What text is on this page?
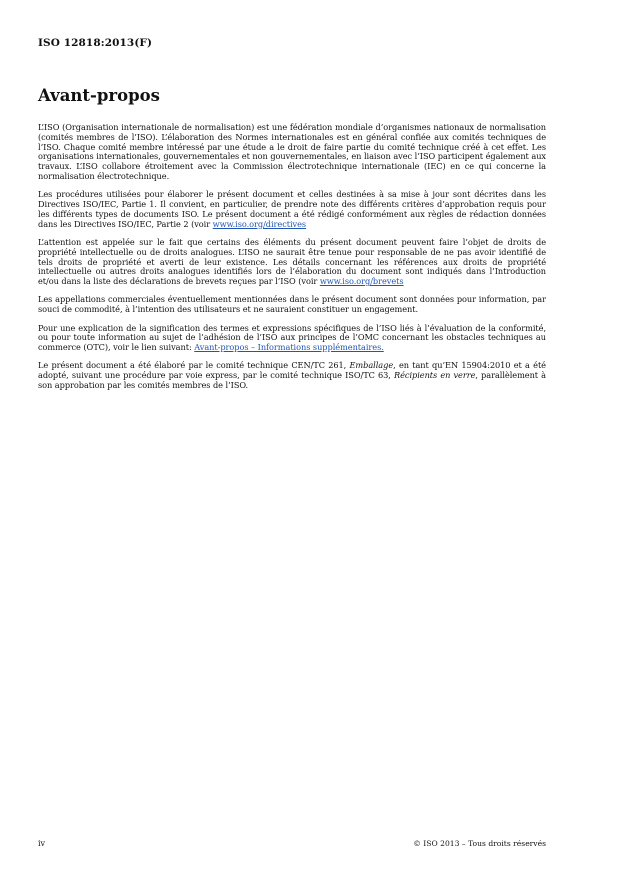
ISO 12818:2013(F)
Avant-propos

L’ISO (Organisation internationale de normalisation) est une fédération mondiale d’organismes nationaux de normalisation (comités membres de l’ISO). L’élaboration des Normes internationales est en général confiée aux comités techniques de l’ISO. Chaque comité membre intéressé par une étude a le droit de faire partie du comité technique créé à cet effet. Les organisations internationales, gouvernementales et non gouvernementales, en liaison avec l’ISO participent également aux travaux. L’ISO collabore étroitement avec la Commission électrotechnique internationale (IEC) en ce qui concerne la normalisation électrotechnique.

Les procédures utilisées pour élaborer le présent document et celles destinées à sa mise à jour sont décrites dans les Directives ISO/IEC, Partie 1. Il convient, en particulier, de prendre note des différents critères d’approbation requis pour les différents types de documents ISO. Le présent document a été rédigé conformément aux règles de rédaction données dans les Directives ISO/IEC, Partie 2 (voir www.iso.org/directives

L’attention est appelée sur le fait que certains des éléments du présent document peuvent faire l’objet de droits de propriété intellectuelle ou de droits analogues. L’ISO ne saurait être tenue pour responsable de ne pas avoir identifié de tels droits de propriété et averti de leur existence. Les détails concernant les références aux droits de propriété intellectuelle ou autres droits analogues identifiés lors de l’élaboration du document sont indiqués dans l’Introduction et/ou dans la liste des déclarations de brevets reçues par l’ISO (voir www.iso.org/brevets

Les appellations commerciales éventuellement mentionnées dans le présent document sont données pour information, par souci de commodité, à l’intention des utilisateurs et ne sauraient constituer un engagement.

Pour une explication de la signification des termes et expressions spécifiques de l’ISO liés à l’évaluation de la conformité, ou pour toute information au sujet de l’adhésion de l’ISO aux principes de l’OMC concernant les obstacles techniques au commerce (OTC), voir le lien suivant: Avant-propos – Informations supplémentaires.

Le présent document a été élaboré par le comité technique CEN/TC 261, Emballage, en tant qu’EN 15904:2010 et a été adopté, suivant une procédure par voie express, par le comité technique ISO/TC 63, Récipients en verre, parallèlement à son approbation par les comités membres de l’ISO.

iv	© ISO 2013 – Tous droits réservés
